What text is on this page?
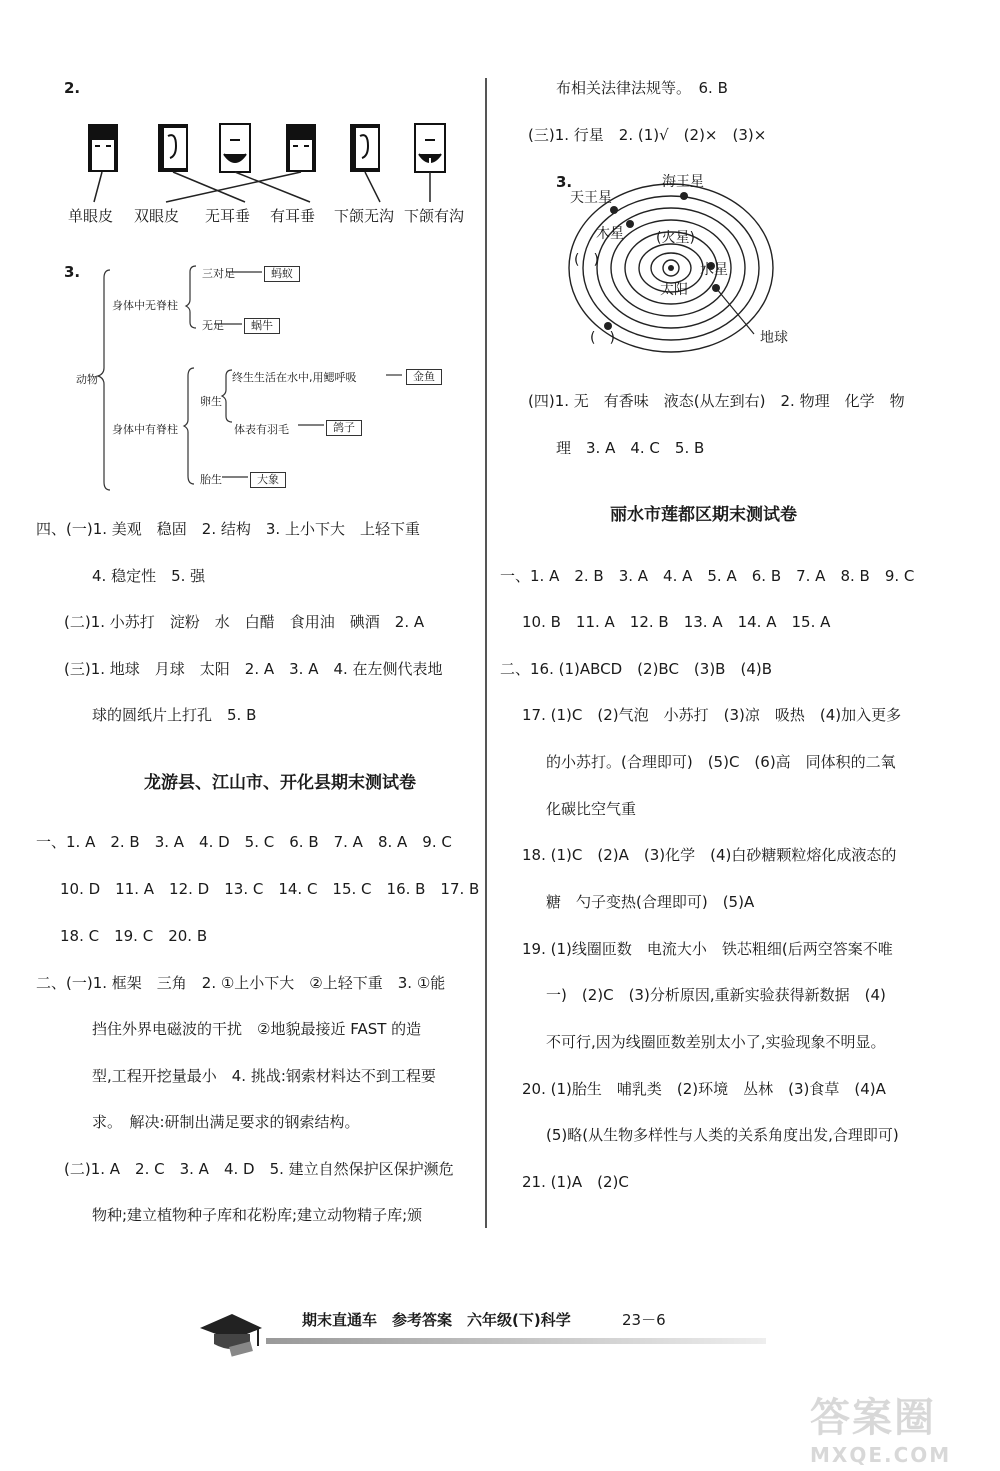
2.
单眼皮 双眼皮 无耳垂 有耳垂 下颌无沟 下颌有沟
3.
动物
身体中无脊柱
三对足	蚂蚁
无足	蜗牛
身体中有脊柱
卵生
终生生活在水中,用鳃呼吸	金鱼
体表有羽毛	鸽子
胎生	大象
四、(一)1. 美观　稳固　2. 结构　3. 上小下大　上轻下重
4. 稳定性　5. 强
(二)1. 小苏打　淀粉　水　白醋　食用油　碘酒　2. A
(三)1. 地球　月球　太阳　2. A　3. A　4. 在左侧代表地
球的圆纸片上打孔　5. B
龙游县、江山市、开化县期末测试卷
一、1. A　2. B　3. A　4. D　5. C　6. B　7. A　8. A　9. C
10. D　11. A　12. D　13. C　14. C　15. C　16. B　17. B
18. C　19. C　20. B
二、(一)1. 框架　三角　2. ①上小下大　②上轻下重　3. ①能
挡住外界电磁波的干扰　②地貌最接近 FAST 的造
型,工程开挖量最小　4. 挑战:钢索材料达不到工程要
求。　解决:研制出满足要求的钢索结构。
(二)1. A　2. C　3. A　4. D　5. 建立自然保护区保护濒危
物种;建立植物种子库和花粉库;建立动物精子库;颁
布相关法律法规等。　6. B
(三)1. 行星　2. (1)√　(2)×　(3)×
3.	海王星
天王星
木星 (火星)
水星
太阳
地球
(　)
(　)
(四)1. 无　有香味　液态(从左到右)　2. 物理　化学　物
理　3. A　4. C　5. B
丽水市莲都区期末测试卷
一、1. A　2. B　3. A　4. A　5. A　6. B　7. A　8. B　9. C
10. B　11. A　12. B　13. A　14. A　15. A
二、16. (1)ABCD　(2)BC　(3)B　(4)B
17. (1)C　(2)气泡　小苏打　(3)凉　吸热　(4)加入更多
的小苏打。(合理即可)　(5)C　(6)高　同体积的二氧
化碳比空气重
18. (1)C　(2)A　(3)化学　(4)白砂糖颗粒熔化成液态的
糖　勺子变热(合理即可)　(5)A
19. (1)线圈匝数　电流大小　铁芯粗细(后两空答案不唯
一)　(2)C　(3)分析原因,重新实验获得新数据　(4)
不可行,因为线圈匝数差别太小了,实验现象不明显。
20. (1)胎生　哺乳类　(2)环境　丛林　(3)食草　(4)A
(5)略(从生物多样性与人类的关系角度出发,合理即可)
21. (1)A　(2)C
期末直通车　参考答案　六年级(下)科学	23－6
答案圈
MXQE.COM
